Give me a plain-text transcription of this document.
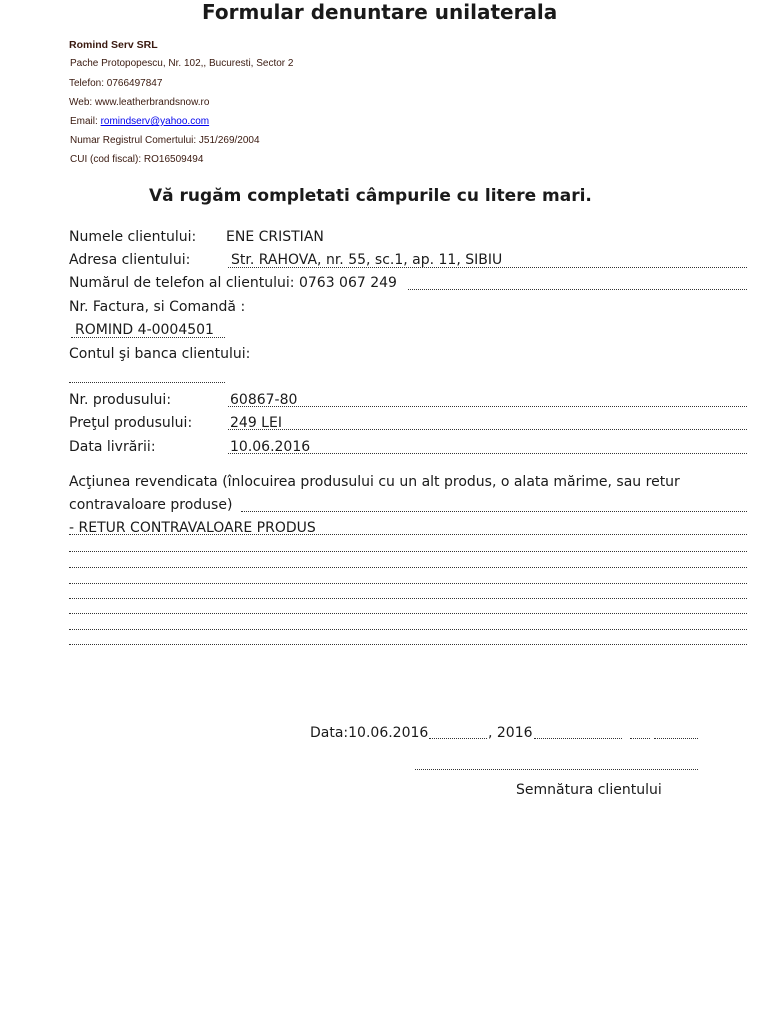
Formular denuntare unilaterala
Romind Serv SRL
Pache Protopopescu, Nr. 102,, Bucuresti, Sector 2
Telefon: 0766497847
Web: www.leatherbrandsnow.ro
Email: romindserv@yahoo.com
Numar Registrul Comertului: J51/269/2004
CUI (cod fiscal): RO16509494
Vă rugăm completati câmpurile cu litere mari.
Numele clientului: ENE CRISTIAN
Adresa clientului:	Str. RAHOVA, nr. 55, sc.1, ap. 11, SIBIU
Numărul de telefon al clientului: 0763 067 249
Nr. Factura, si Comandă :
ROMIND 4-0004501
Contul şi banca clientului:
Nr. produsului:	60867-80
Preţul produsului:	249 LEI
Data livrării:	10.06.2016
Acţiunea revendicata (înlocuirea produsului cu un alt produs, o alata mărime, sau retur
contravaloare produse)
- RETUR CONTRAVALOARE PRODUS
Data:10.06.2016	, 2016
Semnătura clientului
